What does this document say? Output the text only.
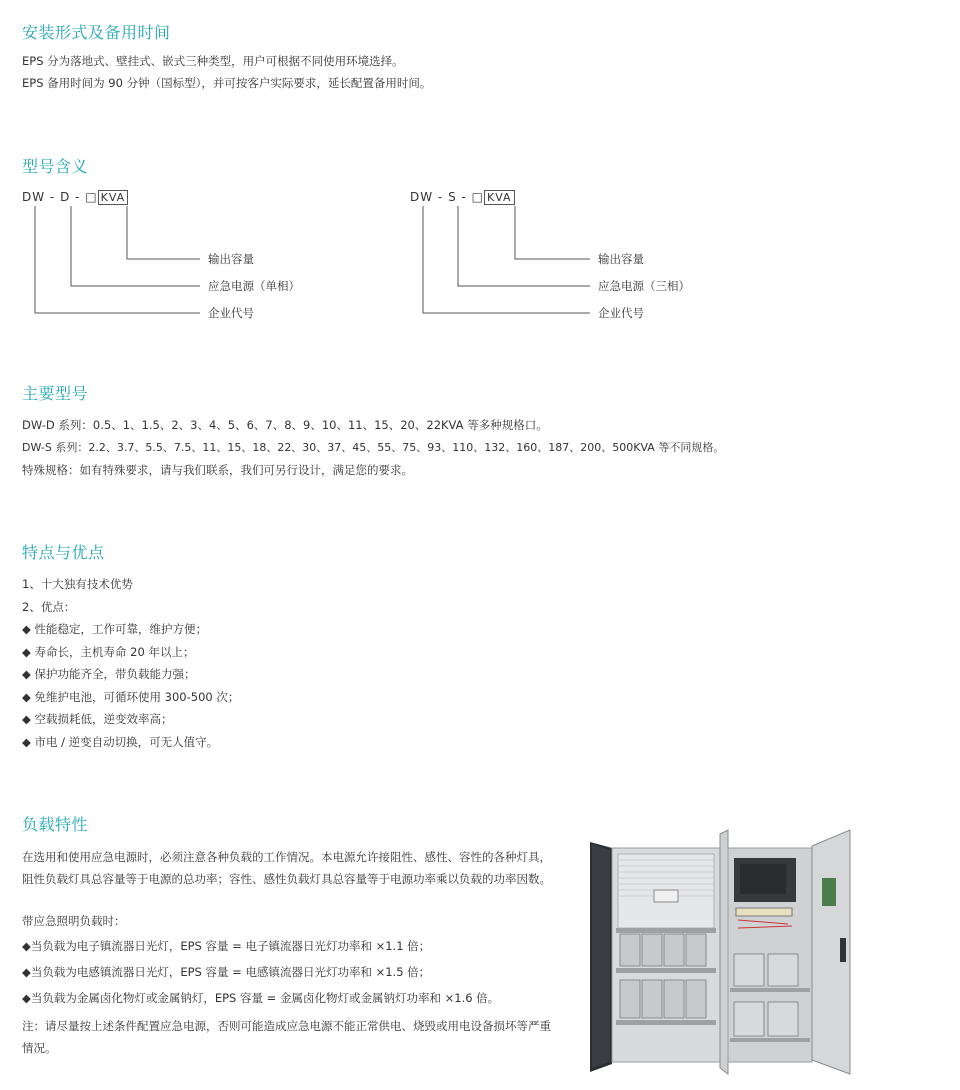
安装形式及备用时间

EPS 分为落地式、壁挂式、嵌式三种类型，用户可根据不同使用环境选择。

EPS 备用时间为 90 分钟（国标型），并可按客户实际要求，延长配置备用时间。

型号含义
DW - D - □ KVA
输出容量
应急电源（单相）
企业代号
DW - S - □ KVA
输出容量
应急电源（三相）
企业代号
主要型号

DW-D 系列：0.5、1、1.5、2、3、4、5、6、7、8、9、10、11、15、20、22KVA 等多种规格口。

DW-S 系列：2.2、3.7、5.5、7.5、11、15、18、22、30、37、45、55、75、93、110、132、160、187、200、500KVA 等不同规格。

特殊规格：如有特殊要求，请与我们联系，我们可另行设计，满足您的要求。

特点与优点
1、十大独有技术优势
2、优点：
◆ 性能稳定，工作可靠，维护方便；
◆ 寿命长，主机寿命 20 年以上；
◆ 保护功能齐全，带负载能力强；
◆ 免维护电池，可循环使用 300-500 次；
◆ 空载损耗低，逆变效率高；
◆ 市电 / 逆变自动切换，可无人值守。
负载特性

在选用和使用应急电源时，必须注意各种负载的工作情况。本电源允许接阻性、感性、容性的各种灯具，阻性负载灯具总容量等于电源的总功率；容性、感性负载灯具总容量等于电源功率乘以负载的功率因数。

带应急照明负载时：

◆当负载为电子镇流器日光灯，EPS 容量 = 电子镇流器日光灯功率和 ×1.1 倍；

◆当负载为电感镇流器日光灯，EPS 容量 = 电感镇流器日光灯功率和 ×1.5 倍；

◆当负载为金属卤化物灯或金属钠灯，EPS 容量 = 金属卤化物灯或金属钠灯功率和 ×1.6 倍。

注：请尽量按上述条件配置应急电源，否则可能造成应急电源不能正常供电、烧毁或用电设备损坏等严重情况。
